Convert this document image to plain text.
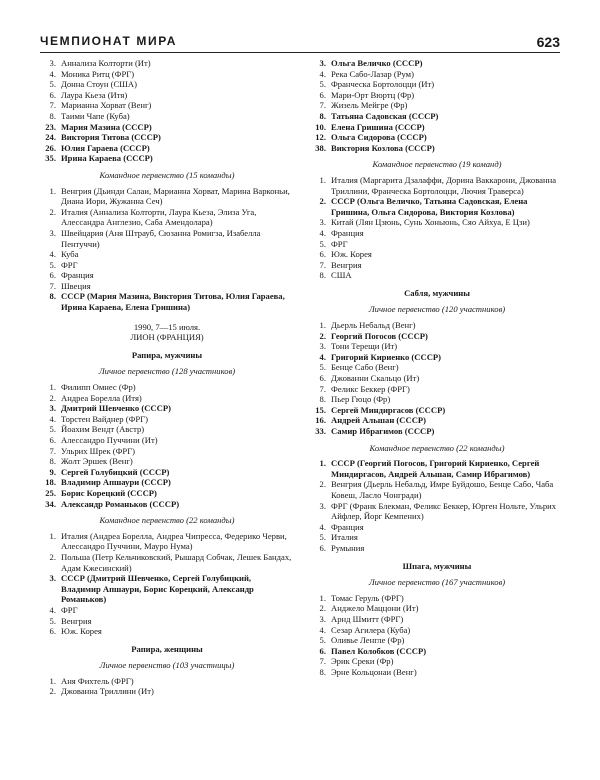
ЧЕМПИОНАТ МИРА	623
3. Аннализа Колторти (Ит)
4. Моника Ритц (ФРГ)
5. Донна Стоун (США)
6. Лаура Кьеза (Итя)
7. Марианна Хорват (Венг)
8. Таими Чапе (Куба)
23. Мария Мазина (СССР)
24. Виктория Титова (СССР)
26. Юлия Гараева (СССР)
35. Ирина Караева (СССР)
Командное первенство (15 команды)
1. Венгрия (Дьинди Салаи, Марианна Хорват, Марина Варконьи, Диана Иори, Жужанна Сеч)
2. Италия (Аннализа Колторти, Лаура Кьеза, Элиза Уга, Алессандра Англезио, Саба Амендолара)
3. Швейцария (Аня Штрауб, Сюзанна Ромигза, Изабелла Пентуччи)
4. Куба
5. ФРГ
6. Франция
7. Швеция
8. СССР (Мария Мазина, Виктория Титова, Юлия Гараева, Ирина Караева, Елена Гришина)
1990, 7—15 июля.
ЛИОН (ФРАНЦИЯ)
Рапира, мужчины
Личное первенство (128 участников)
1. Филипп Омнес (Фр)
2. Андреа Борелла (Итя)
3. Дмитрий Шевченко (СССР)
4. Торстен Вайднер (ФРГ)
5. Йоахим Вендт (Австр)
6. Алессандро Пуччини (Ит)
7. Ульрих Шрек (ФРГ)
8. Жолт Эршек (Венг)
9. Сергей Голубицкий (СССР)
18. Владимир Апшаури (СССР)
25. Борис Корецкий (СССР)
34. Александр Романьков (СССР)
Командное первенство (22 команды)
1. Италия (Андреа Борелла, Андреа Чипресса, Федерико Черви, Алессандро Пуччини, Мауро Нума)
2. Польша (Петр Кельчиковский, Рышард Собчак, Лешек Бандах, Адам Кжесинский)
3. СССР (Дмитрий Шевченко, Сергей Голубицкий, Владимир Апшаури, Борис Корецкий, Александр Романьков)
4. ФРГ
5. Венгрия
6. Юж. Корея
Рапира, женщины
Личное первенство (103 участницы)
1. Аня Фихтель (ФРГ)
2. Джованна Триллини (Ит)
3. Ольга Величко (СССР)
4. Река Сабо-Лазар (Рум)
5. Франческа Бортолоцци (Ит)
6. Мари-Орт Вюртц (Фр)
7. Жизель Мейгре (Фр)
8. Татьяна Садовская (СССР)
10. Елена Гришина (СССР)
12. Ольга Сидорова (СССР)
38. Виктория Козлова (СССР)
Командное первенство (19 команд)
1. Италия (Маргарита Дзалаффи, Дорина Ваккарони, Джованна Триллини, Франческа Бортолоцци, Лючия Траверса)
2. СССР (Ольга Величко, Татьяна Садовская, Елена Гришина, Ольга Сидорова, Виктория Козлова)
3. Китай (Лян Цзюнь, Сунь Хоньюнь, Сяо Айхуа, Е Цзи)
4. Франция
5. ФРГ
6. Юж. Корея
7. Венгрия
8. США
Сабля, мужчины
Личное первенство (120 участников)
1. Дьерль Небальд (Венг)
2. Георгий Погосов (СССР)
3. Тони Терещи (Ит)
4. Григорий Кириенко (СССР)
5. Бенце Сабо (Венг)
6. Джованни Скальцо (Ит)
7. Феликс Беккер (ФРГ)
8. Пьер Гюцо (Фр)
15. Сергей Миндиргасов (СССР)
16. Андрей Альшан (СССР)
33. Самир Ибрагимов (СССР)
Командное первенство (22 команды)
1. СССР (Георгий Погосов, Григорий Кириенко, Сергей Миндиргасов, Андрей Альшан, Самир Ибрагимов)
2. Венгрия (Дьерль Небальд, Имре Буйдошо, Бенце Сабо, Чаба Ковеш, Ласло Чонгради)
3. ФРГ (Франк Блекман, Феликс Беккер, Юрген Нольте, Ульрих Айфлер, Йорг Кемпених)
4. Франция
5. Италия
6. Румыния
Шпага, мужчины
Личное первенство (167 участников)
1. Томас Геруль (ФРГ)
2. Анджело Маццони (Ит)
3. Арнд Шмитт (ФРГ)
4. Сезар Агилера (Куба)
5. Оливье Ленгле (Фр)
6. Павел Колобков (СССР)
7. Эрик Среки (Фр)
8. Эрне Кольцонаи (Венг)
